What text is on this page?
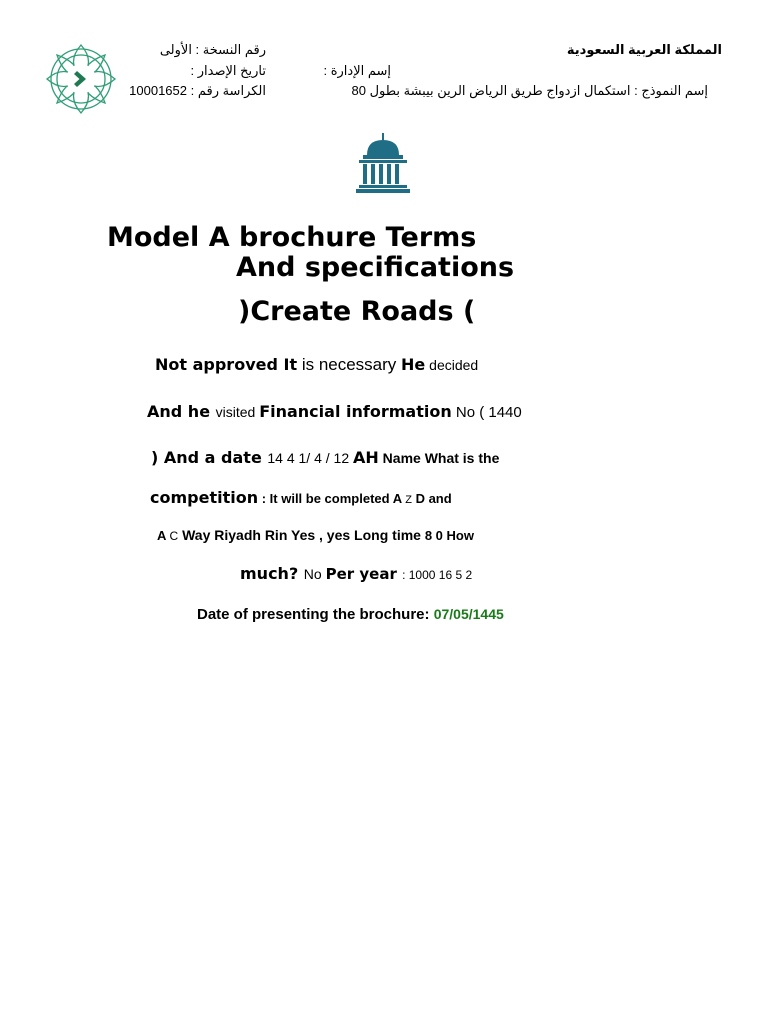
المملكة العربية السعودية
إسم النموذج : استكمال ازدواج طريق الرياض الرين بيبشة بطول 80
إسم الإدارة :
رقم النسخة : الأولى
تاريخ الإصدار :
الكراسة رقم : 10001652
Model A brochure Terms
And specifications
)Create Roads (
Not approved It is necessary He decided
And he visited Financial information No ( 1440
) And a date 14 4 1/ 4 / 12 AH Name What is the
competition : It will be completed A Z D and
A C Way Riyadh Rin Yes , yes Long time 8 0 How
much? No Per year : 1000 16 5 2
Date of presenting the brochure: 07/05/1445
